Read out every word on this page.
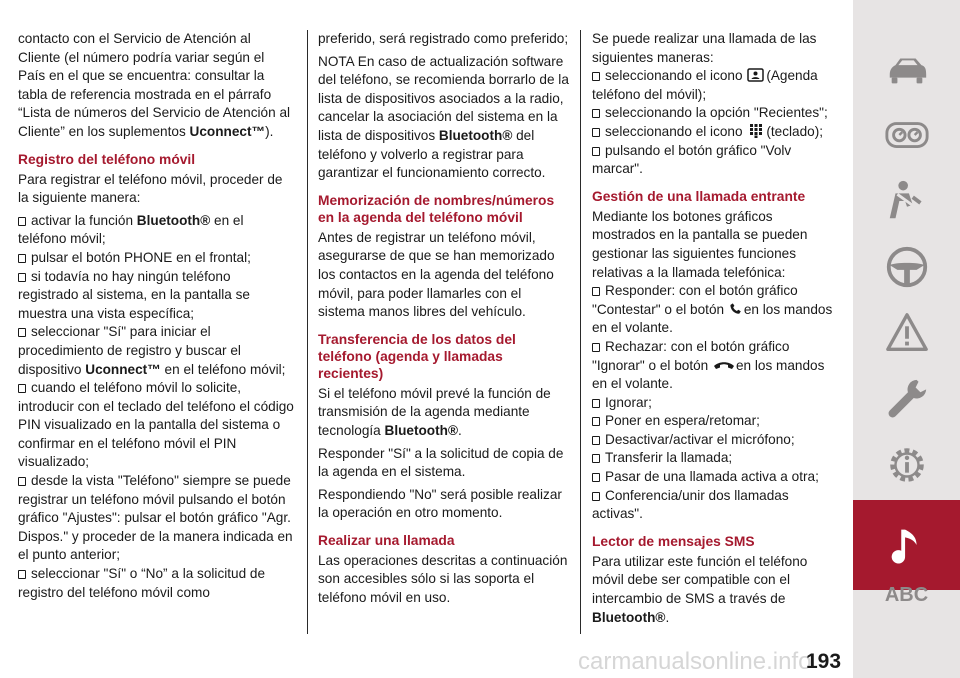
contacto con el Servicio de Atención al Cliente (el número podría variar según el País en el que se encuentra: consultar la tabla de referencia mostrada en el párrafo “Lista de números del Servicio de Atención al Cliente” en los suplementos Uconnect™).

Registro del teléfono móvil

Para registrar el teléfono móvil, proceder de la siguiente manera:

activar la función Bluetooth® en el teléfono móvil;
pulsar el botón PHONE en el frontal;
si todavía no hay ningún teléfono registrado al sistema, en la pantalla se muestra una vista específica;
seleccionar "Sí" para iniciar el procedimiento de registro y buscar el dispositivo Uconnect™ en el teléfono móvil;
cuando el teléfono móvil lo solicite, introducir con el teclado del teléfono el código PIN visualizado en la pantalla del sistema o confirmar en el teléfono móvil el PIN visualizado;
desde la vista "Teléfono" siempre se puede registrar un teléfono móvil pulsando el botón gráfico "Ajustes": pulsar el botón gráfico "Agr. Dispos." y proceder de la manera indicada en el punto anterior;
seleccionar "Sí" o “No” a la solicitud de registro del teléfono móvil como

preferido, será registrado como preferido;

NOTA En caso de actualización software del teléfono, se recomienda borrarlo de la lista de dispositivos asociados a la radio, cancelar la asociación del sistema en la lista de dispositivos Bluetooth® del teléfono y volverlo a registrar para garantizar el funcionamiento correcto.

Memorización de nombres/números en la agenda del teléfono móvil

Antes de registrar un teléfono móvil, asegurarse de que se han memorizado los contactos en la agenda del teléfono móvil, para poder llamarles con el sistema manos libres del vehículo.

Transferencia de los datos del teléfono (agenda y llamadas recientes)

Si el teléfono móvil prevé la función de transmisión de la agenda mediante tecnología Bluetooth®.

Responder "Sí" a la solicitud de copia de la agenda en el sistema.

Respondiendo "No" será posible realizar la operación en otro momento.

Realizar una llamada

Las operaciones descritas a continuación son accesibles sólo si las soporta el teléfono móvil en uso.

Se puede realizar una llamada de las siguientes maneras:

seleccionando el icono (Agenda teléfono del móvil);
seleccionando la opción "Recientes";
seleccionando el icono (teclado);
pulsando el botón gráfico "Volv marcar".
Gestión de una llamada entrante

Mediante los botones gráficos mostrados en la pantalla se pueden gestionar las siguientes funciones relativas a la llamada telefónica:

Responder: con el botón gráfico "Contestar" o el botón en los mandos en el volante.
Rechazar: con el botón gráfico "Ignorar" o el botón en los mandos en el volante.
Ignorar;
Poner en espera/retomar;
Desactivar/activar el micrófono;
Transferir la llamada;
Pasar de una llamada activa a otra;
Conferencia/unir dos llamadas activas".
Lector de mensajes SMS

Para utilizar este función el teléfono móvil debe ser compatible con el intercambio de SMS a través de
Bluetooth®.

ABC
carmanualsonline.info
193
